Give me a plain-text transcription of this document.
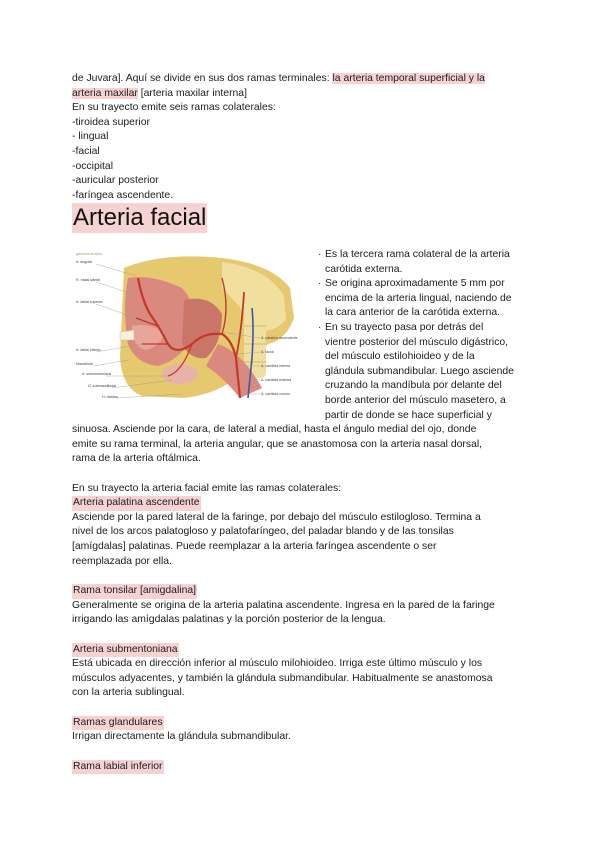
de Juvara]. Aquí se divide en sus dos ramas terminales: la arteria temporal superficial y la
arteria maxilar [arteria maxilar interna]
En su trayecto emite seis ramas colaterales:
-tiroidea superior
- lingual
-facial
-occipital
-auricular posterior
-faríngea ascendente.
Arteria facial
glándula tiroides
A. angular
R. nasal lateral
A. labial superior
A. labial inferior
Mandíbula
A. submentoniana
G. submandibular
H. hioides
A. palatina ascendente
A. facial
A. carótida interna
A. carótida externa
A. carótida común
· Es la tercera rama colateral de la arteria
carótida externa.
· Se origina aproximadamente 5 mm por
encima de la arteria lingual, naciendo de
la cara anterior de la carótida externa.
· En su trayecto pasa por detrás del
vientre posterior del músculo digástrico,
del músculo estilohioideo y de la
glándula submandibular. Luego asciende
cruzando la mandíbula por delante del
borde anterior del músculo masetero, a
partir de donde se hace superficial y
sinuosa. Asciende por la cara, de lateral a medial, hasta el ángulo medial del ojo, donde
emite su rama terminal, la arteria angular, que se anastomosa con la arteria nasal dorsal,
rama de la arteria oftálmica.
En su trayecto la arteria facial emite las ramas colaterales:
Arteria palatina ascendente
Asciende por la pared lateral de la faringe, por debajo del músculo estilogloso. Termina a
nivel de los arcos palatogloso y palatofaríngeo, del paladar blando y de las tonsilas
[amígdalas] palatinas. Puede reemplazar a la arteria faríngea ascendente o ser
reemplazada por ella.
Rama tonsilar [amigdalina]
Generalmente se origina de la arteria palatina ascendente. Ingresa en la pared de la faringe
irrigando las amígdalas palatinas y la porción posterior de la lengua.
Arteria submentoniana
Está ubicada en dirección inferior al músculo milohioideo. Irriga este último músculo y los
músculos adyacentes, y también la glándula submandibular. Habitualmente se anastomosa
con la arteria sublingual.
Ramas glandulares
Irrigan directamente la glándula submandibular.
Rama labial inferior
